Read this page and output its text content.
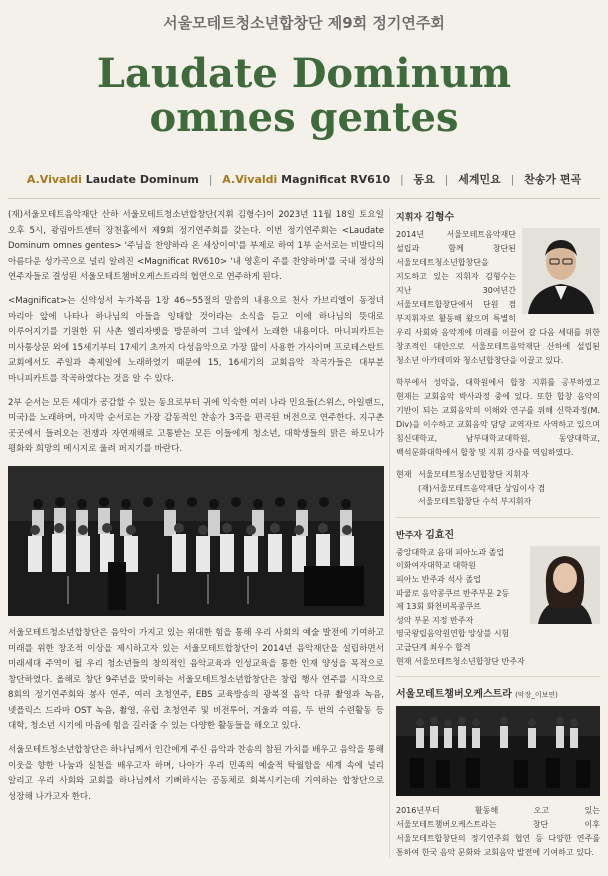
서울모테트청소년합창단 제9회 정기연주회
Laudate Dominum
omnes gentes
A.Vivaldi Laudate Dominum | A.Vivaldi Magnificat RV610 | 동요 | 세계민요 | 찬송가 편곡

(재)서울모테트음악재단 산하 서울모테트청소년합창단(지휘 김형수)이 2023년 11월 18일 토요일 오후 5시, 광림아트센터 장천홀에서 제9회 정기연주회를 갖는다. 이번 정기연주회는 <Laudate Dominum omnes gentes> '주님을 찬양하라 온 세상이여'를 부제로 하여 1부 순서로는 비발디의 아름다운 성가곡으로 널리 알려진 <Magnificat RV610> '내 영혼이 주를 찬양하며'를 국내 정상의 연주자들로 결성된 서울모테트챔버오케스트라의 협연으로 연주하게 된다.

<Magnificat>는 신약성서 누가복음 1장 46~55절의 말씀의 내용으로 천사 가브리엘이 동정녀 마리아 앞에 나타나 하나님의 아들을 잉태할 것이라는 소식을 듣고 이에 하나님의 뜻대로 이루어지기를 기원한 뒤 사촌 엘리자벳을 방문하여 그녀 앞에서 노래한 내용이다. 마니피카트는 미사통상문 외에 15세기부터 17세기 초까지 다성음악으로 가장 많이 사용한 가사이며 프로테스탄트 교회에서도 주일과 축제일에 노래하였기 때문에 15, 16세기의 교회음악 작곡가들은 대부분 마니피카트를 작곡하였다는 것을 알 수 있다.

2부 순서는 모든 세대가 공감할 수 있는 동요로부터 귀에 익숙한 여러 나라 민요들(스위스, 아일랜드, 미국)을 노래하며, 마지막 순서로는 가장 감동적인 찬송가 3곡을 편곡된 버전으로 연주한다. 지구촌 곳곳에서 들려오는 전쟁과 자연재해로 고통받는 모든 이들에게 청소년, 대학생들의 맑은 하모니가 평화와 희망의 메시지로 울려 퍼지기를 바란다.

서울모테트청소년합창단은 음악이 가지고 있는 위대한 힘을 통해 우리 사회의 예술 발전에 기여하고 미래를 위한 창조적 이상을 제시하고자 있는 서울모테트합창단이 2014년 음악재단을 설립하면서 미래세대 주역이 될 우리 청소년들의 창의적인 음악교육과 인성교육을 통한 인재 양성을 목적으로 창단하였다. 올해로 창단 9주년을 맞이하는 서울모테트청소년합창단은 창립 행사 연주를 시작으로 8회의 정기연주회와 봉사 연주, 여러 초청연주, EBS 교육방송의 광복절 음악 다큐 촬영과 녹음, 넷플릭스 드라마 OST 녹음, 촬영, 유럽 초청연주 및 비전투어, 겨울과 여름, 두 번의 수련활동 등 대학, 청소년 시기에 마음에 힘을 길러줄 수 있는 다양한 활동들을 해오고 있다.

서울모테트청소년합창단은 하나님께서 인간에게 주신 음악과 찬송의 참된 가치를 배우고 음악을 통해 이웃을 향한 나눔과 실천을 배우고자 하며, 나아가 우리 민족의 예술적 탁월함을 세계 속에 널리 알리고 우리 사회와 교회를 하나님께서 기뻐하시는 공동체로 회복시키는데 기여하는 합창단으로 성장해 나가고자 한다.

지휘자 김형수

2014년 서울모테트음악재단 설립과 함께 창단된 서울모테트청소년합창단을 지도하고 있는 지휘자 김형수는 지난 30여년간 서울모테트합창단에서 단원 겸 부지휘자로 활동해 왔으며 특별히 우리 사회와 음악계에 미래를 이끌어 갈 다음 세대를 위한 창조적인 대안으로 서울모테트음악재단 산하에 설립된 청소년 아카데미와 청소년합창단을 이끌고 있다.

학부에서 성악을, 대학원에서 합창 지휘를 공부하였고 현재는 교회음악 박사과정 중에 있다. 또한 합창 음악의 기반이 되는 교회음악의 이해와 연구를 위해 신학과정(M. Div)을 이수하고 교회음악 담당 교역자로 사역하고 있으며 침신대학교, 남부대학교대학원, 동양대학교, 백석문화대학에서 합창 및 지휘 강사를 역임하였다.

현재 서울모테트청소년합창단 지휘자

(재)서울모테트음악재단 상임이사 겸

서울모테트합창단 수석 부지휘자

반주자 김효진

중앙대학교 음대 피아노과 졸업

이화여자대학교 대학원

피아노 반주과 석사 졸업

파쿨로 음악콩쿠르 반주부문 2등

제 13회 화천비목콩쿠르

성악 부문 지정 반주자

영국왕립음악원연합 앙상블 시험 고급단계 최우수 합격

현재 서울모테트청소년합창단 반주자

서울모테트챔버오케스트라 (악장_이보연)

2016년부터 활동해 오고 있는 서울모테트챔버오케스트라는 창단 이후 서울모테트합창단의 정기연주회 협연 등 다양한 연주를 통하여 한국 음악 문화와 교회음악 발전에 기여하고 있다.
